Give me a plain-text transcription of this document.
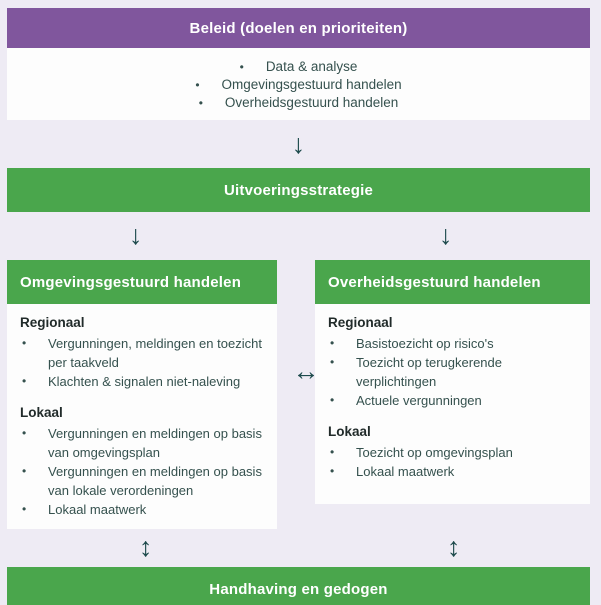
Beleid (doelen en prioriteiten)
• Data & analyse
• Omgevingsgestuurd handelen
• Overheidsgestuurd handelen
↓
Uitvoeringsstrategie
↓	↓
Omgevingsgestuurd handelen
Regionaal
•	Vergunningen, meldingen en toezicht per taakveld
•	Klachten & signalen niet-naleving
Lokaal
•	Vergunningen en meldingen op basis van omgevingsplan
•	Vergunningen en meldingen op basis van lokale verordeningen
•	Lokaal maatwerk
Overheidsgestuurd handelen
Regionaal
•	Basistoezicht op risico's
•	Toezicht op terugkerende verplichtingen
•	Actuele vergunningen
Lokaal
•	Toezicht op omgevingsplan
•	Lokaal maatwerk
↔
↕	↕
Handhaving en gedogen
